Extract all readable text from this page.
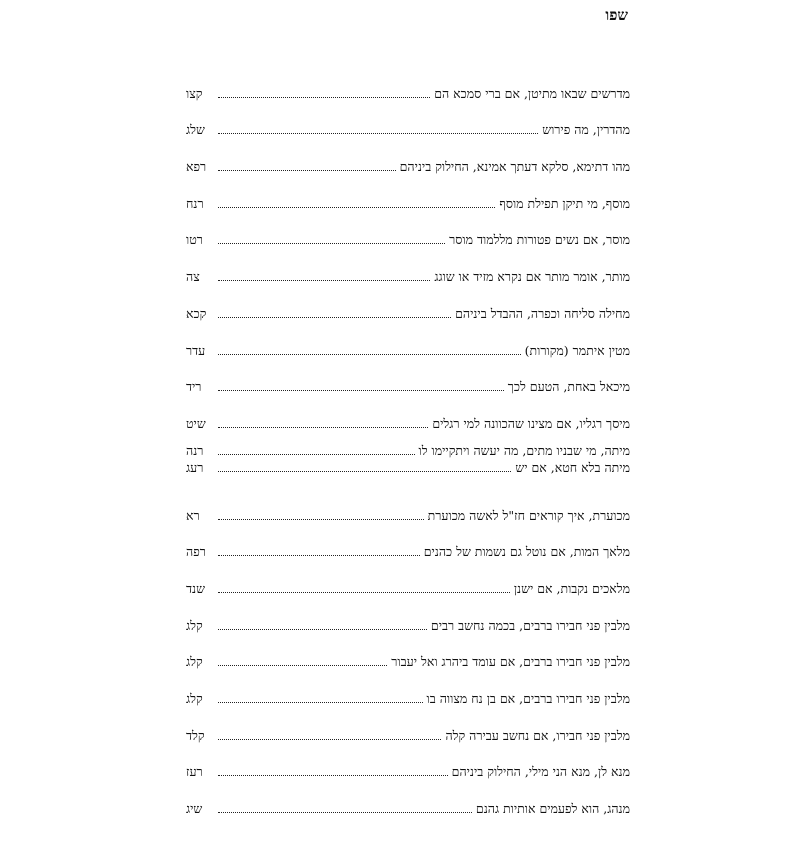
שפו
מדרשים שבאו מתיטן, אם ברי סמכא הם
קצו
מהדרין, מה פירוש
שלג
מהו דתימא, סלקא דעתך אמינא, החילוק ביניהם
רפא
מוסף, מי תיקן תפילת מוסף
רנח
מוסר, אם נשים פטורות מללמוד מוסר
רטו
מותר, אומר מותר אם נקרא מזיד או שוגג
צה
מחילה סליחה וכפרה, ההבדל ביניהם
קכא
מטין איתמר (מקורות)
עדר
מיכאל באחת, הטעם לכך
ריד
מיסך רגליו, אם מצינו שהכוונה למי רגלים
שיט
מיתה, מי שבניו מתים, מה יעשה ויתקיימו לו
רנה
מיתה בלא חטא, אם יש
רעג
מכוערת, איך קוראים חז"ל לאשה מכוערת
רא
מלאך המות, אם נוטל גם נשמות של כהנים
רפה
מלאכים נקבות, אם ישנן
שנד
מלבין פני חבירו ברבים, בכמה נחשב רבים
קלג
מלבין פני חבירו ברבים, אם עומד ביהרג ואל יעבור
קלג
מלבין פני חבירו ברבים, אם בן נח מצווה בו
קלג
מלבין פני חבירו, אם נחשב עבירה קלה
קלד
מנא לן, מנא הני מילי, החילוק ביניהם
רעז
מנהג, הוא לפעמים אותיות גהנם
שיג
